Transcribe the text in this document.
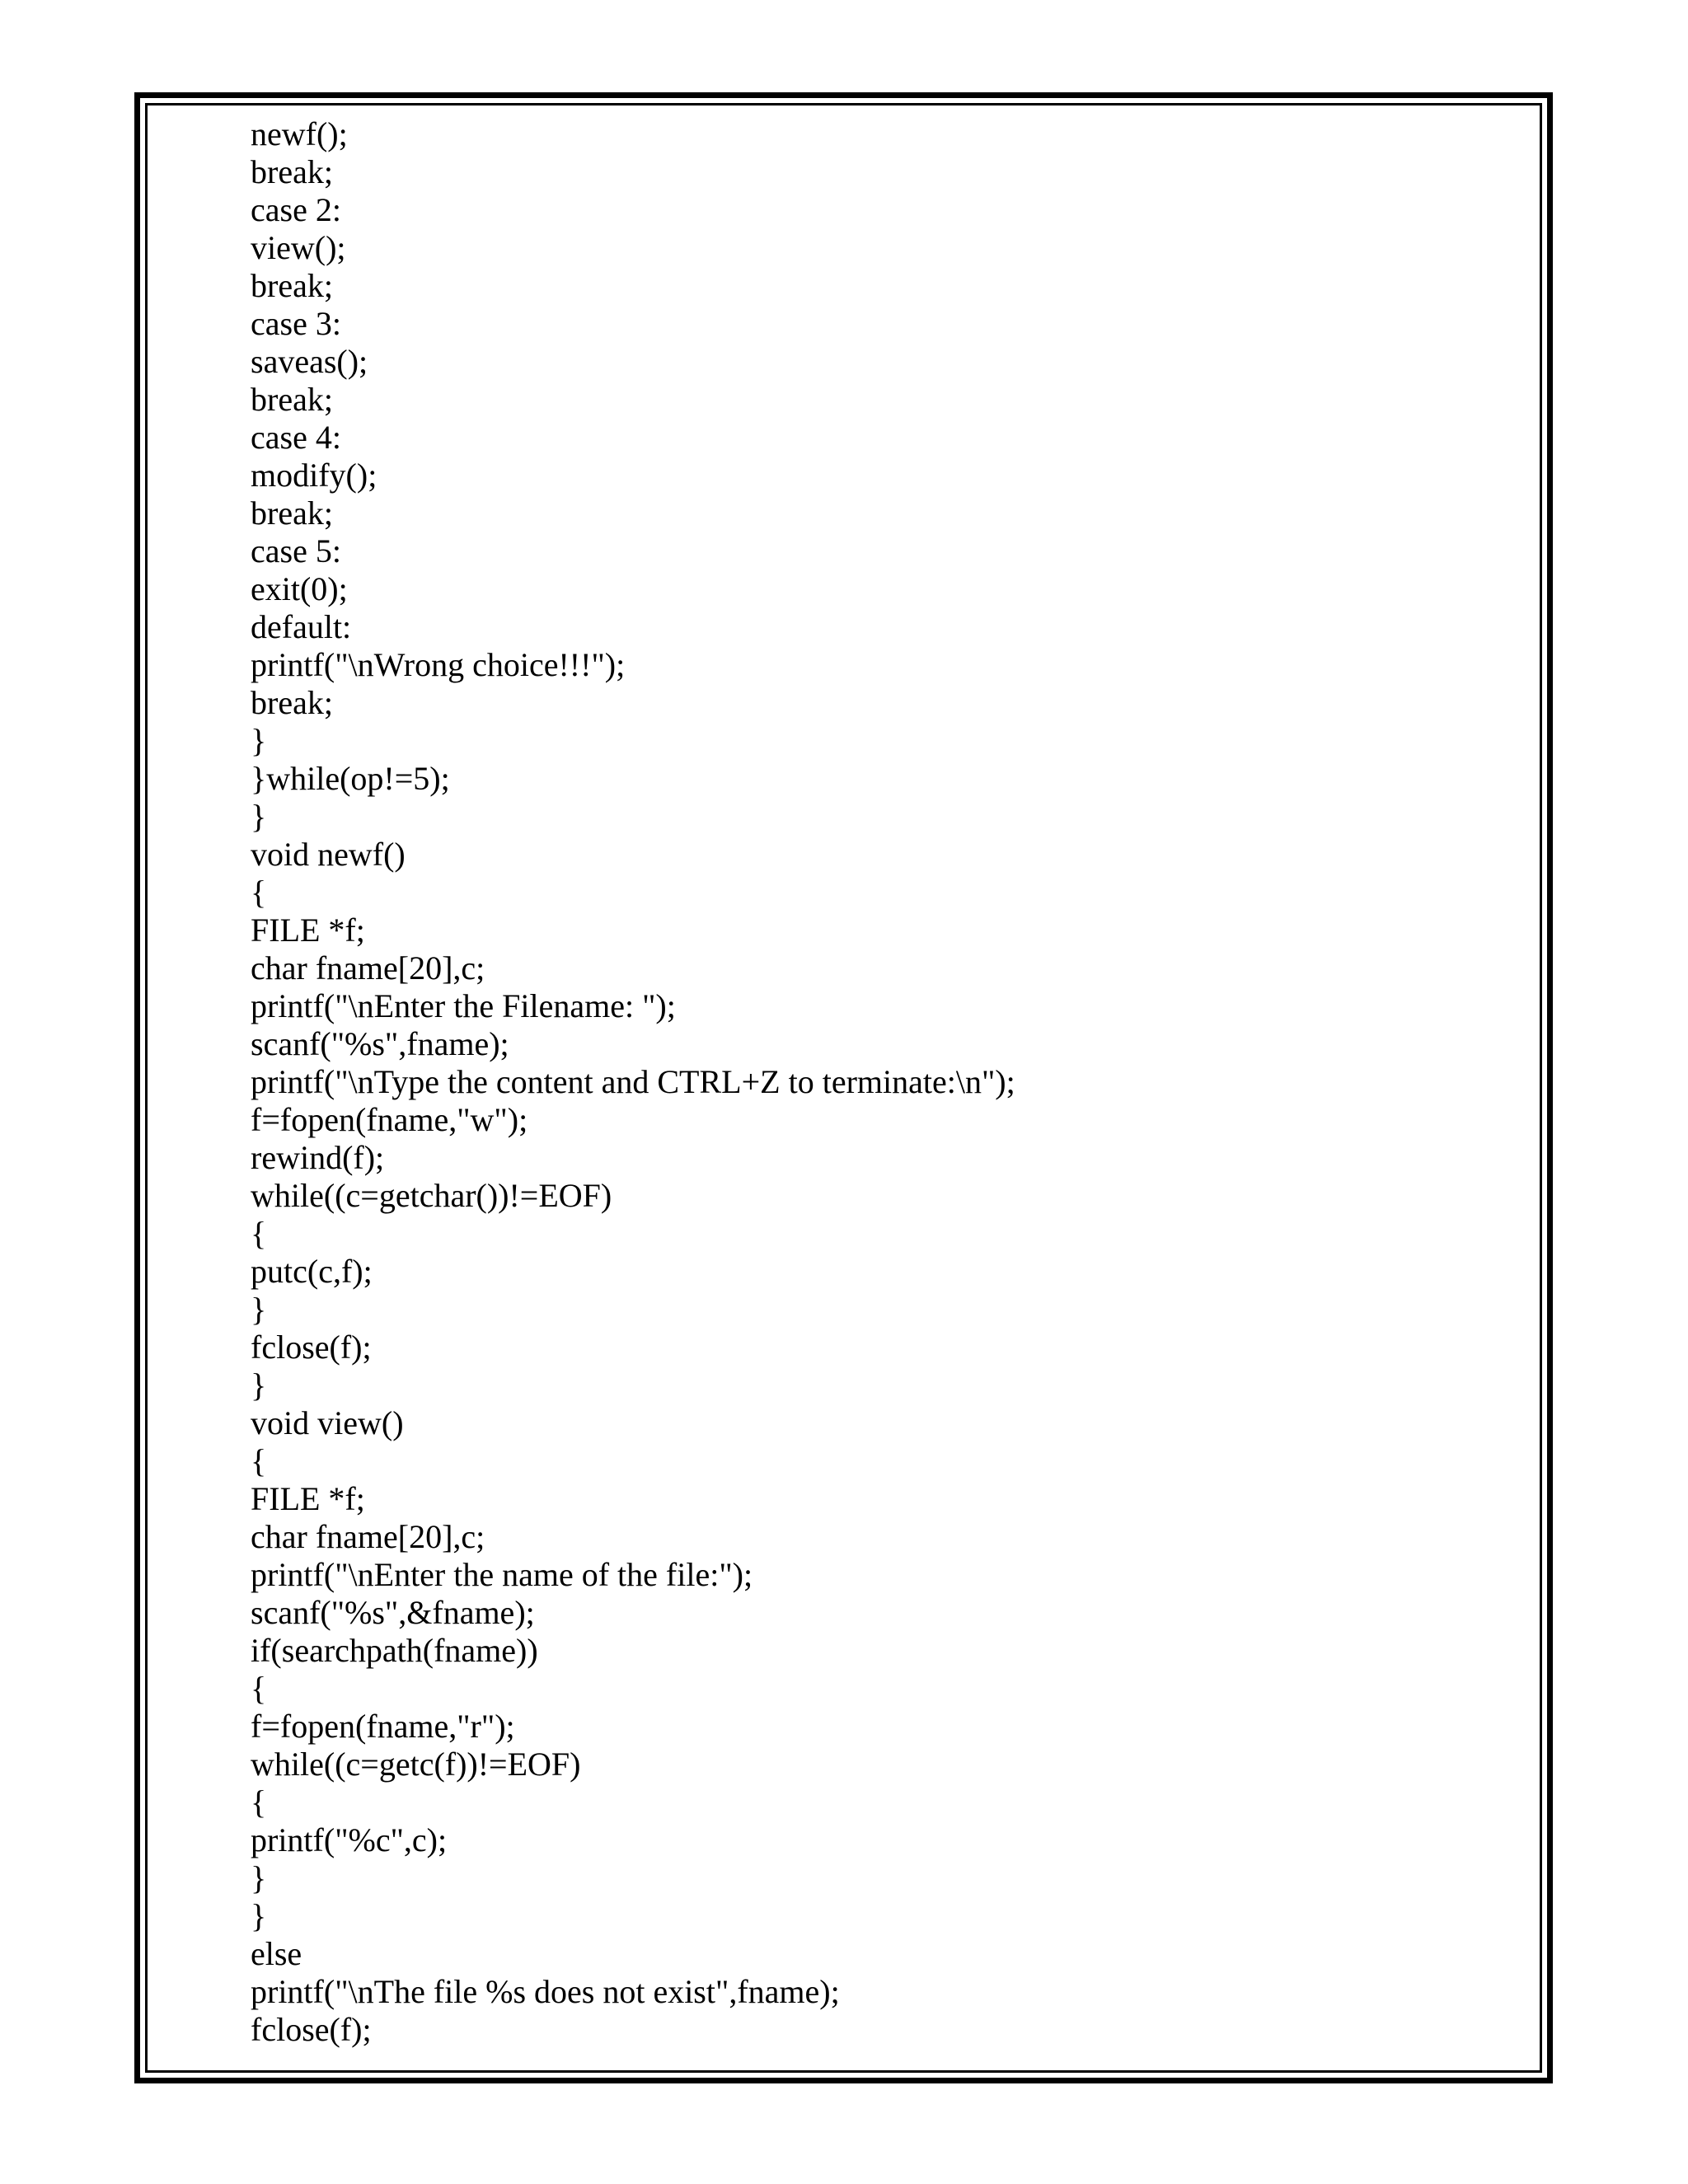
newf();
break;
case 2:
view();
break;
case 3:
saveas();
break;
case 4:
modify();
break;
case 5:
exit(0);
default:
printf("\nWrong choice!!!");
break;
}
}while(op!=5);
}
void newf()
{
FILE *f;
char fname[20],c;
printf("\nEnter the Filename: ");
scanf("%s",fname);
printf("\nType the content and CTRL+Z to terminate:\n");
f=fopen(fname,"w");
rewind(f);
while((c=getchar())!=EOF)
{
putc(c,f);
}
fclose(f);
}
void view()
{
FILE *f;
char fname[20],c;
printf("\nEnter the name of the file:");
scanf("%s",&fname);
if(searchpath(fname))
{
f=fopen(fname,"r");
while((c=getc(f))!=EOF)
{
printf("%c",c);
}
}
else
printf("\nThe file %s does not exist",fname);
fclose(f);
